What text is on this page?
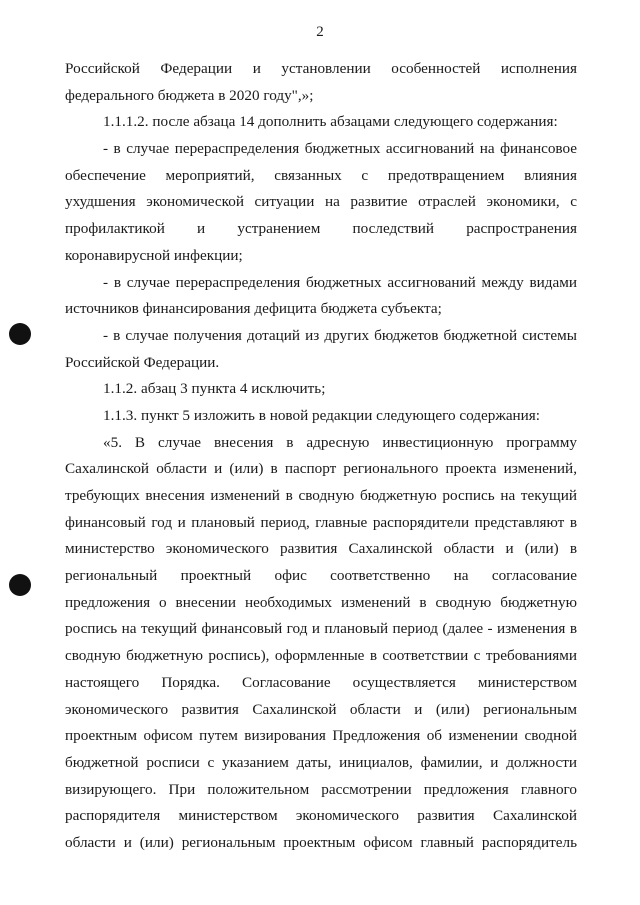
2
Российской Федерации и установлении особенностей исполнения
федерального бюджета в 2020 году",»;
1.1.1.2. после абзаца 14 дополнить абзацами следующего содержания:
- в случае перераспределения бюджетных ассигнований на финансовое
обеспечение мероприятий, связанных с предотвращением влияния
ухудшения экономической ситуации на развитие отраслей экономики, с
профилактикой и устранением последствий распространения
коронавирусной инфекции;
- в случае перераспределения бюджетных ассигнований между видами
источников финансирования дефицита бюджета субъекта;
- в случае получения дотаций из других бюджетов бюджетной системы
Российской Федерации.
1.1.2. абзац 3 пункта 4 исключить;
1.1.3. пункт 5 изложить в новой редакции следующего содержания:
«5. В случае внесения в адресную инвестиционную программу
Сахалинской области и (или) в паспорт регионального проекта изменений,
требующих внесения изменений в сводную бюджетную роспись на текущий
финансовый год и плановый период, главные распорядители представляют в
министерство экономического развития Сахалинской области и (или) в
региональный проектный офис соответственно на согласование
предложения о внесении необходимых изменений в сводную бюджетную
роспись на текущий финансовый год и плановый период (далее - изменения в
сводную бюджетную роспись), оформленные в соответствии с требованиями
настоящего Порядка. Согласование осуществляется министерством
экономического развития Сахалинской области и (или) региональным
проектным офисом путем визирования Предложения об изменении сводной
бюджетной росписи с указанием даты, инициалов, фамилии, и должности
визирующего. При положительном рассмотрении предложения главного
распорядителя министерством экономического развития Сахалинской
области и (или) региональным проектным офисом главный распорядитель
